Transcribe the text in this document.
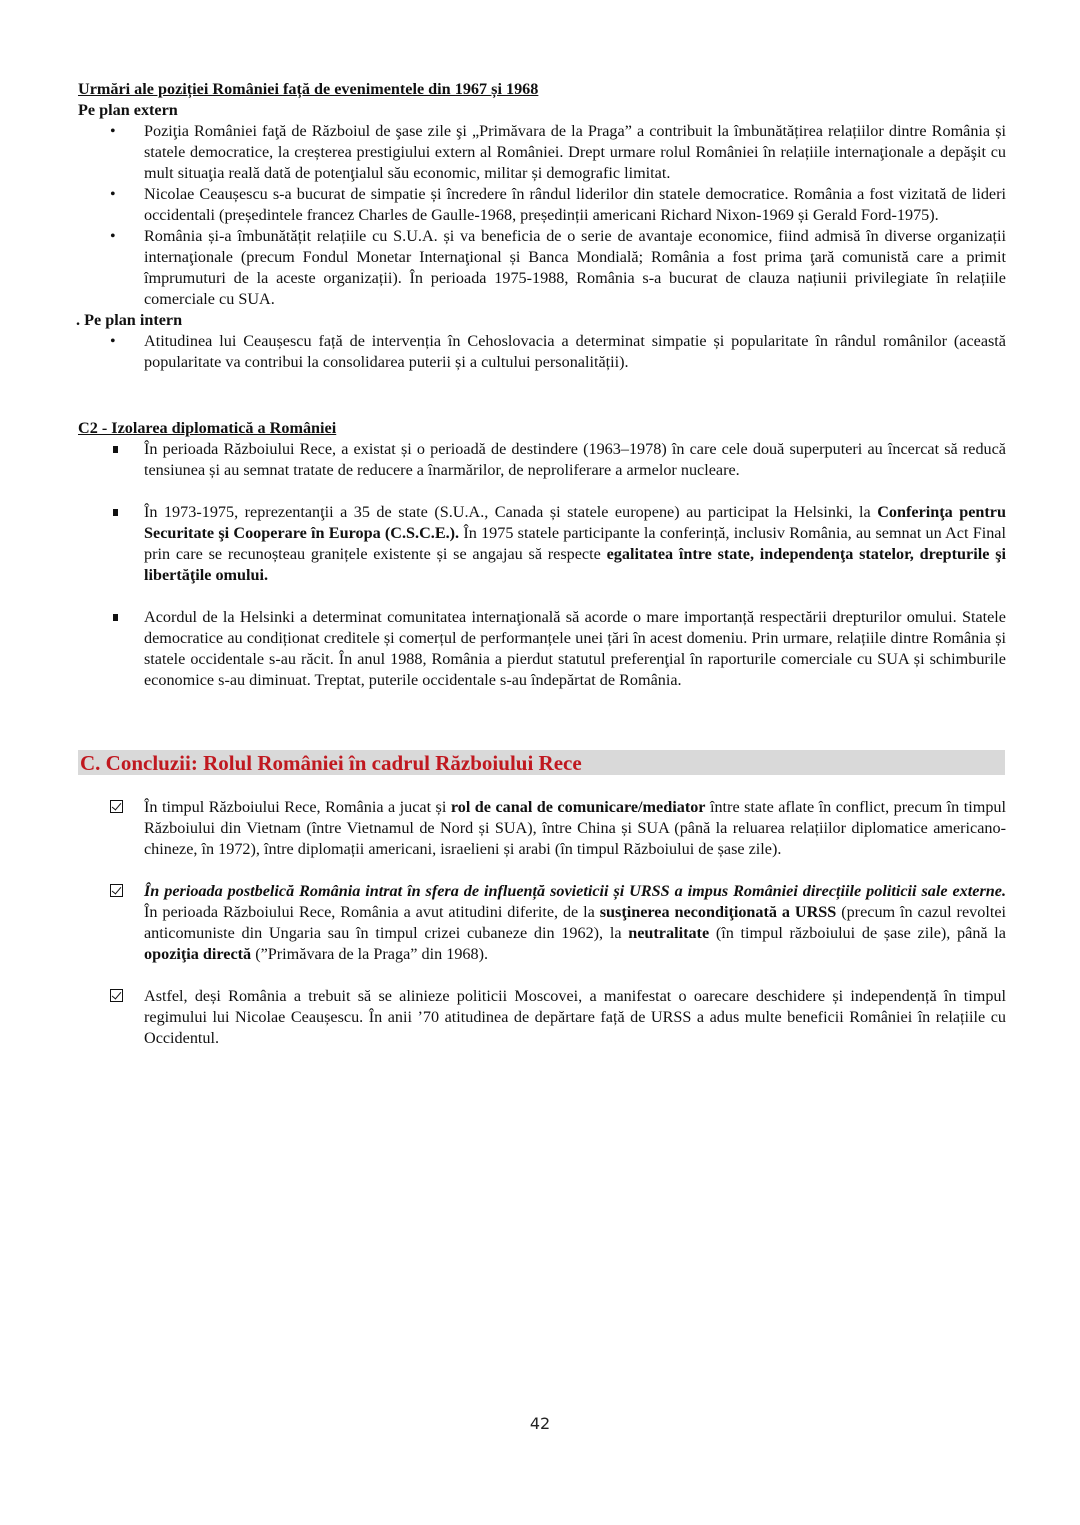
Urmări ale poziției României față de evenimentele din 1967 și 1968
Pe plan extern
•
Poziţia României faţă de Războiul de şase zile şi „Primăvara de la Praga” a contribuit la îmbunătățirea relațiilor dintre România și statele democratice, la creșterea prestigiului extern al României. Drept urmare rolul României în relațiile internaţionale a depăşit cu mult situaţia reală dată de potenţialul său economic, militar și demografic limitat.
•
Nicolae Ceaușescu s-a bucurat de simpatie și încredere în rândul liderilor din statele democratice. România a fost vizitată de lideri occidentali (președintele francez Charles de Gaulle-1968, președinții americani Richard Nixon-1969 și Gerald Ford-1975).
•
România și-a îmbunătățit relațiile cu S.U.A. și va beneficia de o serie de avantaje economice, fiind admisă în diverse organizații internaţionale (precum Fondul Monetar Internaţional și Banca Mondială; România a fost prima ţară comunistă care a primit împrumuturi de la aceste organizații). În perioada 1975-1988, România s-a bucurat de clauza națiunii privilegiate în relațiile comerciale cu SUA.
. Pe plan intern
•
Atitudinea lui Ceaușescu față de intervenția în Cehoslovacia a determinat simpatie și popularitate în rândul românilor (această popularitate va contribui la consolidarea puterii și a cultului personalității).
C2 - Izolarea diplomatică a României
În perioada Războiului Rece, a existat și o perioadă de destindere (1963–1978) în care cele două superputeri au încercat să reducă tensiunea și au semnat tratate de reducere a înarmărilor, de neproliferare a armelor nucleare.
În 1973-1975, reprezentanţii a 35 de state (S.U.A., Canada și statele europene) au participat la Helsinki, la Conferinţa pentru Securitate şi Cooperare în Europa (C.S.C.E.). În 1975 statele participante la conferință, inclusiv România, au semnat un Act Final prin care se recunoșteau granițele existente și se angajau să respecte egalitatea între state, independenţa statelor, drepturile şi libertăţile omului.
Acordul de la Helsinki a determinat comunitatea internaţională să acorde o mare importanță respectării drepturilor omului. Statele democratice au condiționat creditele și comerțul de performanțele unei țări în acest domeniu. Prin urmare, relațiile dintre România și statele occidentale s-au răcit. În anul 1988, România a pierdut statutul preferenţial în raporturile comerciale cu SUA și schimburile economice s-au diminuat. Treptat, puterile occidentale s-au îndepărtat de România.
C. Concluzii: Rolul României în cadrul Războiului Rece
În timpul Războiului Rece, România a jucat și rol de canal de comunicare/mediator între state aflate în conflict, precum în timpul Războiului din Vietnam (între Vietnamul de Nord și SUA), între China și SUA (până la reluarea relațiilor diplomatice americano-chineze, în 1972), între diplomații americani, israelieni și arabi (în timpul Războiului de șase zile).
În perioada postbelică România intrat în sfera de influență sovieticii și URSS a impus României direcțiile politicii sale externe. În perioada Războiului Rece, România a avut atitudini diferite, de la susţinerea necondiţionată a URSS (precum în cazul revoltei anticomuniste din Ungaria sau în timpul crizei cubaneze din 1962), la neutralitate (în timpul războiului de șase zile), până la opoziţia directă (”Primăvara de la Praga” din 1968).
Astfel, deși România a trebuit să se alinieze politicii Moscovei, a manifestat o oarecare deschidere și independență în timpul regimului lui Nicolae Ceaușescu. În anii ’70 atitudinea de depărtare față de URSS a adus multe beneficii României în relațiile cu Occidentul.
42
